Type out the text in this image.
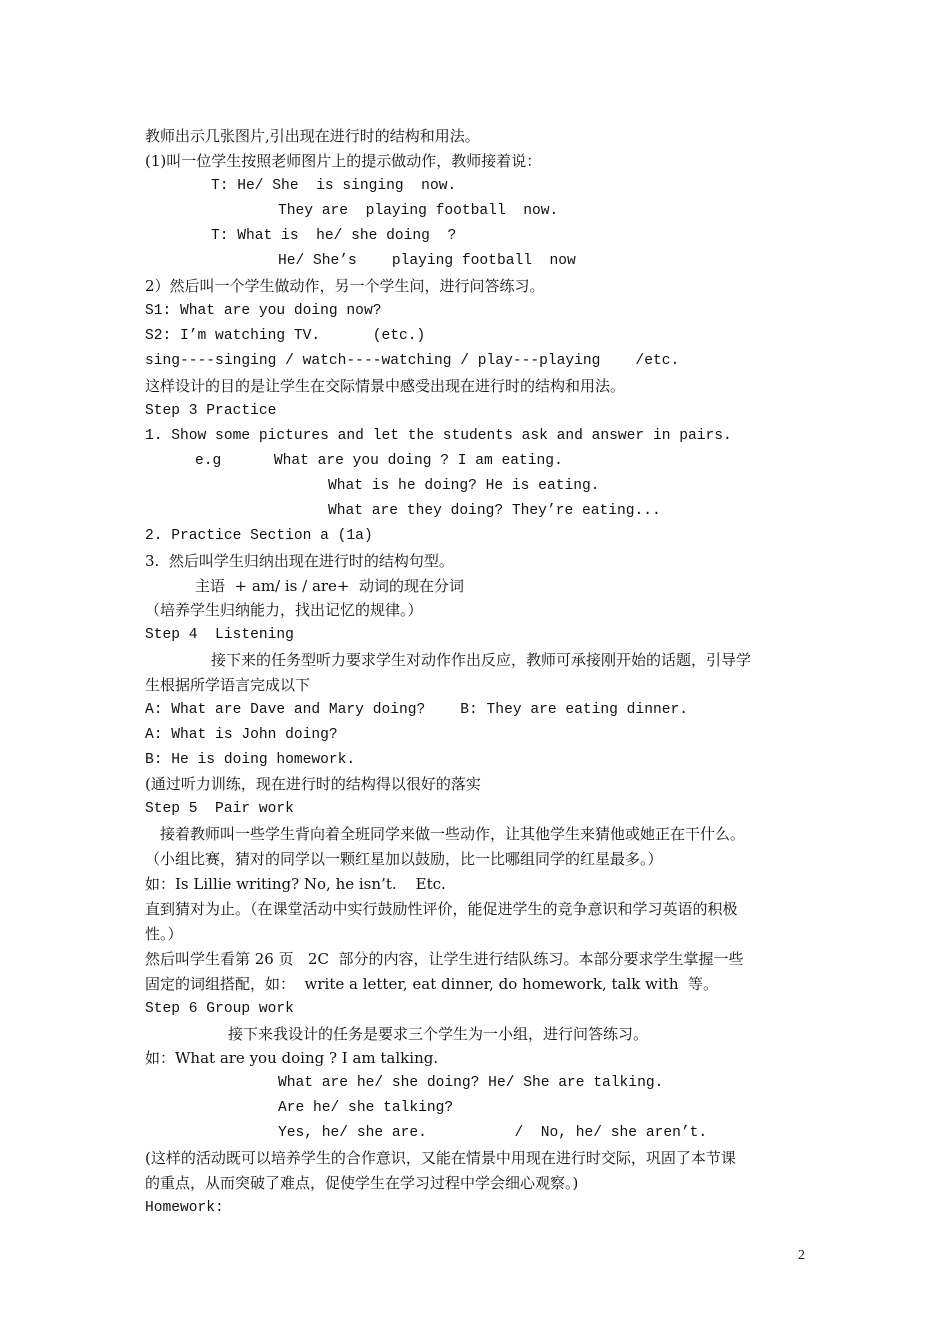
教师出示几张图片,引出现在进行时的结构和用法。
(1)叫一位学生按照老师图片上的提示做动作，教师接着说：
T: He/ She  is singing  now.
They are  playing football  now.
T: What is  he/ she doing  ?
He/ She’s    playing football  now
2）然后叫一个学生做动作，另一个学生问，进行问答练习。
S1: What are you doing now?
S2: I’m watching TV.      (etc.)
sing----singing / watch----watching / play---playing    /etc.
这样设计的目的是让学生在交际情景中感受出现在进行时的结构和用法。
Step 3 Practice
1. Show some pictures and let the students ask and answer in pairs.
e.g      What are you doing ? I am eating.
What is he doing? He is eating.
What are they doing? They’re eating...
2. Practice Section a (1a)
3.  然后叫学生归纳出现在进行时的结构句型。
主语  + am/ is / are+  动词的现在分词
（培养学生归纳能力，找出记忆的规律。）
Step 4  Listening
接下来的任务型听力要求学生对动作作出反应，教师可承接刚开始的话题，引导学
生根据所学语言完成以下
A: What are Dave and Mary doing?    B: They are eating dinner.
A: What is John doing?
B: He is doing homework.
(通过听力训练，现在进行时的结构得以很好的落实
Step 5  Pair work
接着教师叫一些学生背向着全班同学来做一些动作，让其他学生来猜他或她正在干什么。
（小组比赛，猜对的同学以一颗红星加以鼓励，比一比哪组同学的红星最多。）
如：Is Lillie writing? No, he isn’t.    Etc.
直到猜对为止。（在课堂活动中实行鼓励性评价，能促进学生的竞争意识和学习英语的积极
性。）
然后叫学生看第 26 页   2C  部分的内容，让学生进行结队练习。本部分要求学生掌握一些
固定的词组搭配，如：  write a letter, eat dinner, do homework, talk with  等。
Step 6 Group work
接下来我设计的任务是要求三个学生为一小组，进行问答练习。
如：What are you doing ? I am talking.
What are he/ she doing? He/ She are talking.
Are he/ she talking?
Yes, he/ she are.          /  No, he/ she aren’t.
(这样的活动既可以培养学生的合作意识，又能在情景中用现在进行时交际，巩固了本节课
的重点，从而突破了难点，促使学生在学习过程中学会细心观察。)
Homework:
2
